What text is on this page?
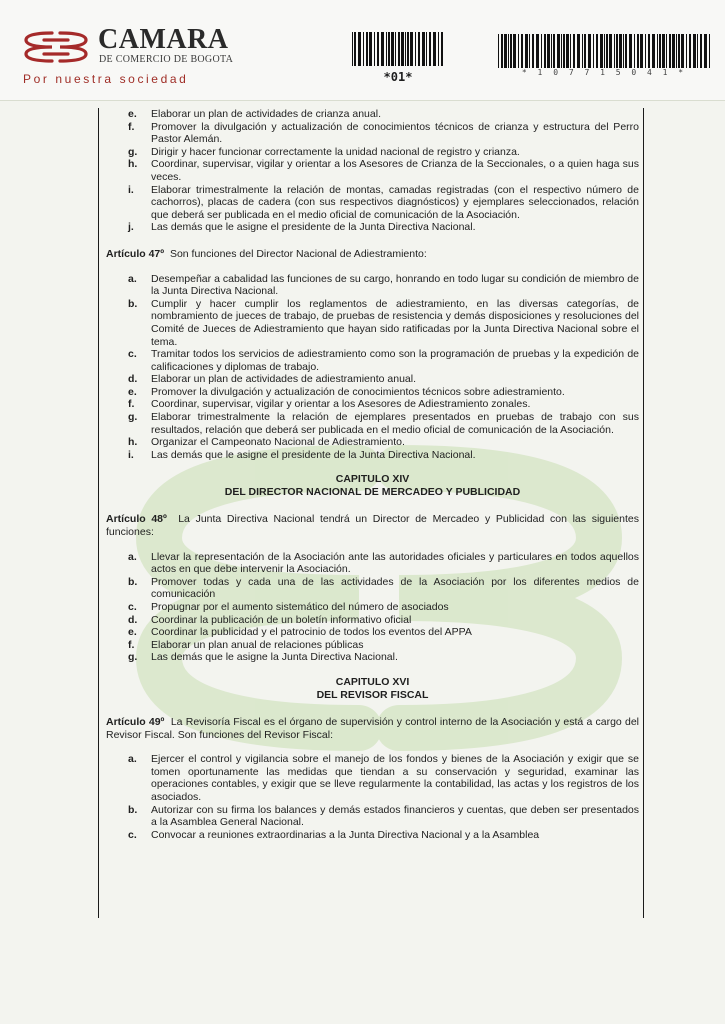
CAMARA
DE COMERCIO DE BOGOTA
Por nuestra sociedad	*01*	* 1 0 7 7 1 5 0 4 1 *
e. Elaborar un plan de actividades de crianza anual.
f. Promover la divulgación y actualización de conocimientos técnicos de crianza y estructura del Perro Pastor Alemán.
g. Dirigir y hacer funcionar correctamente la unidad nacional de registro y crianza.
h. Coordinar, supervisar, vigilar y orientar a los Asesores de Crianza de la Seccionales, o a quien haga sus veces.
i. Elaborar trimestralmente la relación de montas, camadas registradas (con el respectivo número de cachorros), placas de cadera (con sus respectivos diagnósticos) y ejemplares seleccionados, relación que deberá ser publicada en el medio oficial de comunicación de la Asociación.
j. Las demás que le asigne el presidente de la Junta Directiva Nacional.

Artículo 47º Son funciones del Director Nacional de Adiestramiento:

a. Desempeñar a cabalidad las funciones de su cargo, honrando en todo lugar su condición de miembro de la Junta Directiva Nacional.
b. Cumplir y hacer cumplir los reglamentos de adiestramiento, en las diversas categorías, de nombramiento de jueces de trabajo, de pruebas de resistencia y demás disposiciones y resoluciones del Comité de Jueces de Adiestramiento que hayan sido ratificadas por la Junta Directiva Nacional sobre el tema.
c. Tramitar todos los servicios de adiestramiento como son la programación de pruebas y la expedición de calificaciones y diplomas de trabajo.
d. Elaborar un plan de actividades de adiestramiento anual.
e. Promover la divulgación y actualización de conocimientos técnicos sobre adiestramiento.
f. Coordinar, supervisar, vigilar y orientar a los Asesores de Adiestramiento zonales.
g. Elaborar trimestralmente la relación de ejemplares presentados en pruebas de trabajo con sus resultados, relación que deberá ser publicada en el medio oficial de comunicación de la Asociación.
h. Organizar el Campeonato Nacional de Adiestramiento.
i. Las demás que le asigne el presidente de la Junta Directiva Nacional.
CAPITULO XIV
DEL DIRECTOR NACIONAL DE MERCADEO Y PUBLICIDAD

Artículo 48º La Junta Directiva Nacional tendrá un Director de Mercadeo y Publicidad con las siguientes funciones:

a. Llevar la representación de la Asociación ante las autoridades oficiales y particulares en todos aquellos actos en que debe intervenir la Asociación.
b. Promover todas y cada una de las actividades de la Asociación por los diferentes medios de comunicación
c. Propugnar por el aumento sistemático del número de asociados
d. Coordinar la publicación de un boletín informativo oficial
e. Coordinar la publicidad y el patrocinio de todos los eventos del APPA
f. Elaborar un plan anual de relaciones públicas
g. Las demás que le asigne la Junta Directiva Nacional.
CAPITULO XVI
DEL REVISOR FISCAL

Artículo 49º La Revisoría Fiscal es el órgano de supervisión y control interno de la Asociación y está a cargo del Revisor Fiscal. Son funciones del Revisor Fiscal:

a. Ejercer el control y vigilancia sobre el manejo de los fondos y bienes de la Asociación y exigir que se tomen oportunamente las medidas que tiendan a su conservación y seguridad, examinar las operaciones contables, y exigir que se lleve regularmente la contabilidad, las actas y los registros de los asociados.
b. Autorizar con su firma los balances y demás estados financieros y cuentas, que deben ser presentados a la Asamblea General Nacional.
c. Convocar a reuniones extraordinarias a la Junta Directiva Nacional y a la Asamblea
